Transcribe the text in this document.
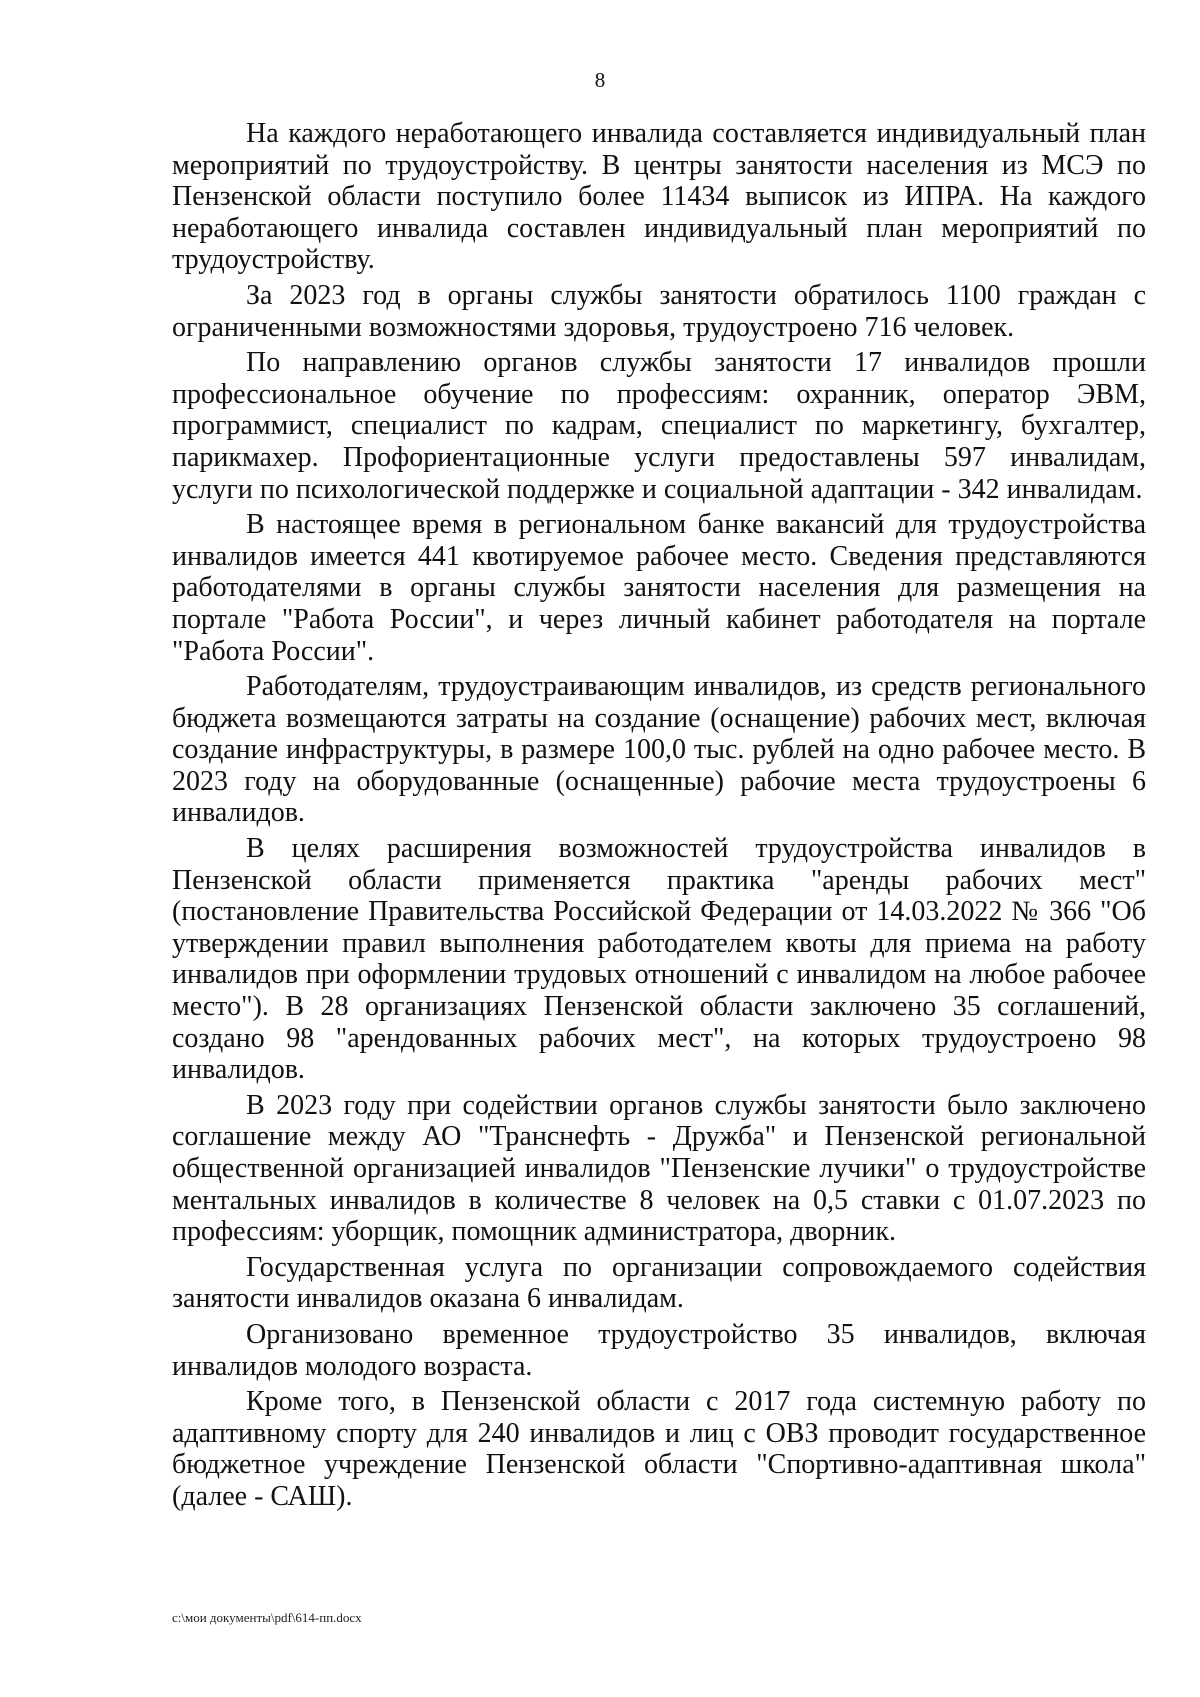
8

На каждого неработающего инвалида составляется индивидуальный план мероприятий по трудоустройству. В центры занятости населения из МСЭ по Пензенской области поступило более 11434 выписок из ИПРА. На каждого неработающего инвалида составлен индивидуальный план мероприятий по трудоустройству.

За 2023 год в органы службы занятости обратилось 1100 граждан с ограниченными возможностями здоровья, трудоустроено 716 человек.

По направлению органов службы занятости 17 инвалидов прошли профессиональное обучение по профессиям: охранник, оператор ЭВМ, программист, специалист по кадрам, специалист по маркетингу, бухгалтер, парикмахер. Профориентационные услуги предоставлены 597 инвалидам, услуги по психологической поддержке и социальной адаптации - 342 инвалидам.

В настоящее время в региональном банке вакансий для трудоустройства инвалидов имеется 441 квотируемое рабочее место. Сведения представляются работодателями в органы службы занятости населения для размещения на портале "Работа России", и через личный кабинет работодателя на портале "Работа России".

Работодателям, трудоустраивающим инвалидов, из средств регионального бюджета возмещаются затраты на создание (оснащение) рабочих мест, включая создание инфраструктуры, в размере 100,0 тыс. рублей на одно рабочее место. В 2023 году на оборудованные (оснащенные) рабочие места трудоустроены 6 инвалидов.

В целях расширения возможностей трудоустройства инвалидов в Пензенской области применяется практика "аренды рабочих мест" (постановление Правительства Российской Федерации от 14.03.2022 № 366 "Об утверждении правил выполнения работодателем квоты для приема на работу инвалидов при оформлении трудовых отношений с инвалидом на любое рабочее место"). В 28 организациях Пензенской области заключено 35 соглашений, создано 98 "арендованных рабочих мест", на которых трудоустроено 98 инвалидов.

В 2023 году при содействии органов службы занятости было заключено соглашение между АО "Транснефть - Дружба" и Пензенской региональной общественной организацией инвалидов "Пензенские лучики" о трудоустройстве ментальных инвалидов в количестве 8 человек на 0,5 ставки с 01.07.2023 по профессиям: уборщик, помощник администратора, дворник.

Государственная услуга по организации сопровождаемого содействия занятости инвалидов оказана 6 инвалидам.

Организовано временное трудоустройство 35 инвалидов, включая инвалидов молодого возраста.

Кроме того, в Пензенской области с 2017 года системную работу по адаптивному спорту для 240 инвалидов и лиц с ОВЗ проводит государственное бюджетное учреждение Пензенской области "Спортивно-адаптивная школа" (далее - САШ).

c:\мои документы\pdf\614-пп.docx
